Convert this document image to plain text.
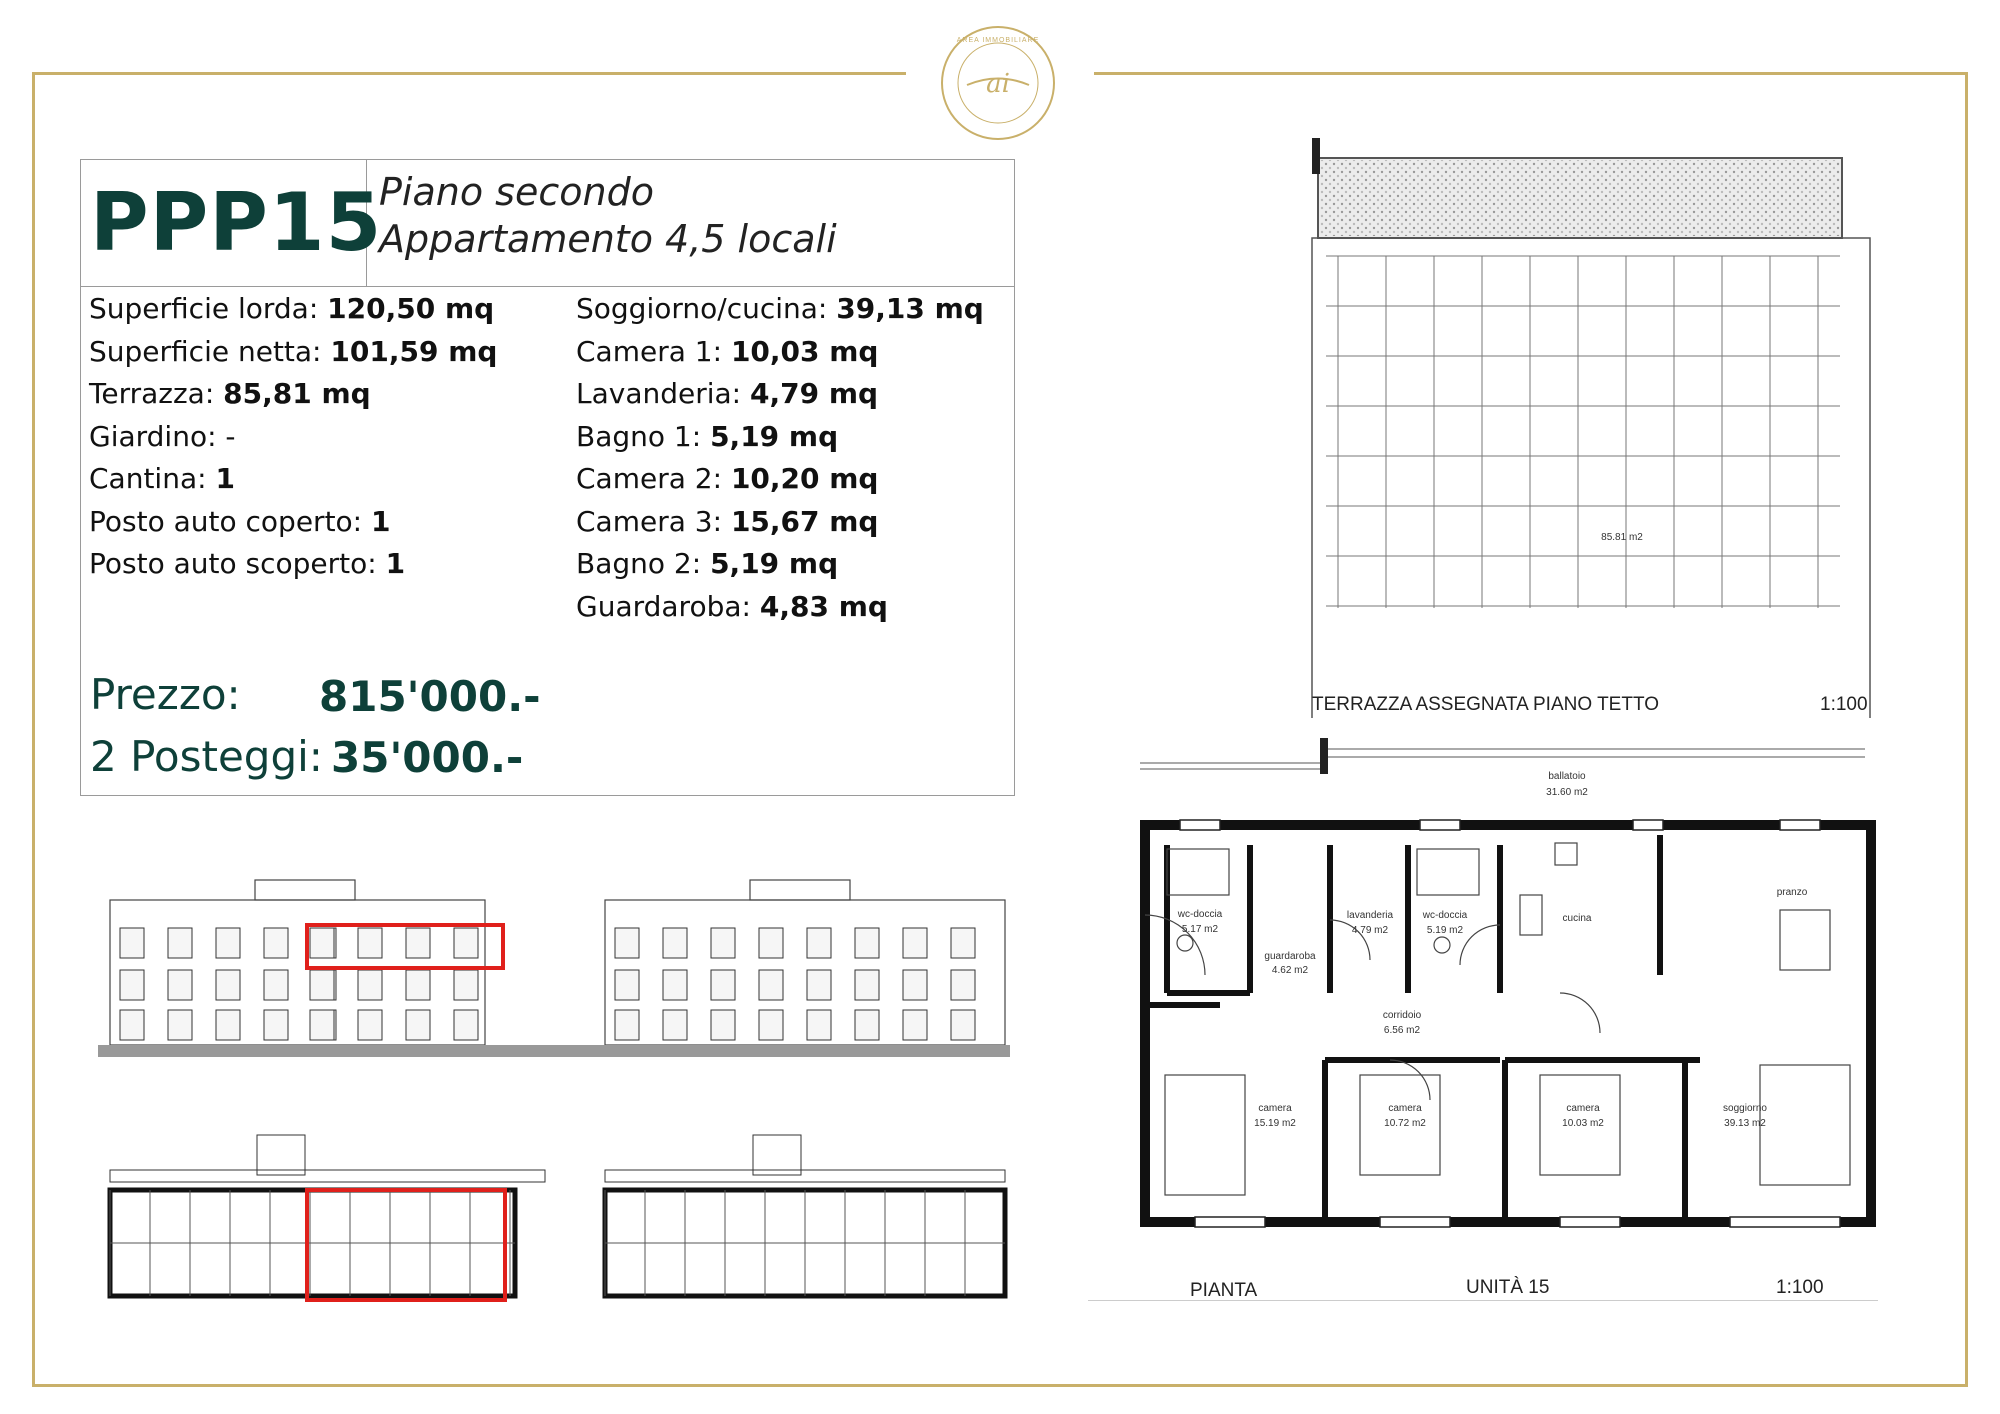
ai
AREA IMMOBILIARE
PPP15
Piano secondo
Appartamento 4,5 locali
Superficie lorda: 120,50 mq
Superficie netta: 101,59 mq
Terrazza: 85,81 mq
Giardino: -
Cantina: 1
Posto auto coperto: 1
Posto auto scoperto: 1
Soggiorno/cucina: 39,13 mq
Camera 1: 10,03 mq
Lavanderia: 4,79 mq
Bagno 1: 5,19 mq
Camera 2: 10,20 mq
Camera 3: 15,67 mq
Bagno 2: 5,19 mq
Guardaroba: 4,83 mq
Prezzo: 815'000.-
2 Posteggi: 35'000.-
85.81 m2
TERRAZZA ASSEGNATA PIANO TETTO	1:100
ballatoio
31.60 m2
wc-doccia
5.17 m2
guardaroba
4.62 m2
lavanderia
4.79 m2
wc-doccia
5.19 m2
cucina
pranzo
corridoio
6.56 m2
camera
15.19 m2
camera
10.72 m2
camera
10.03 m2
soggiorno
39.13 m2
PIANTA	UNITÀ 15	1:100
